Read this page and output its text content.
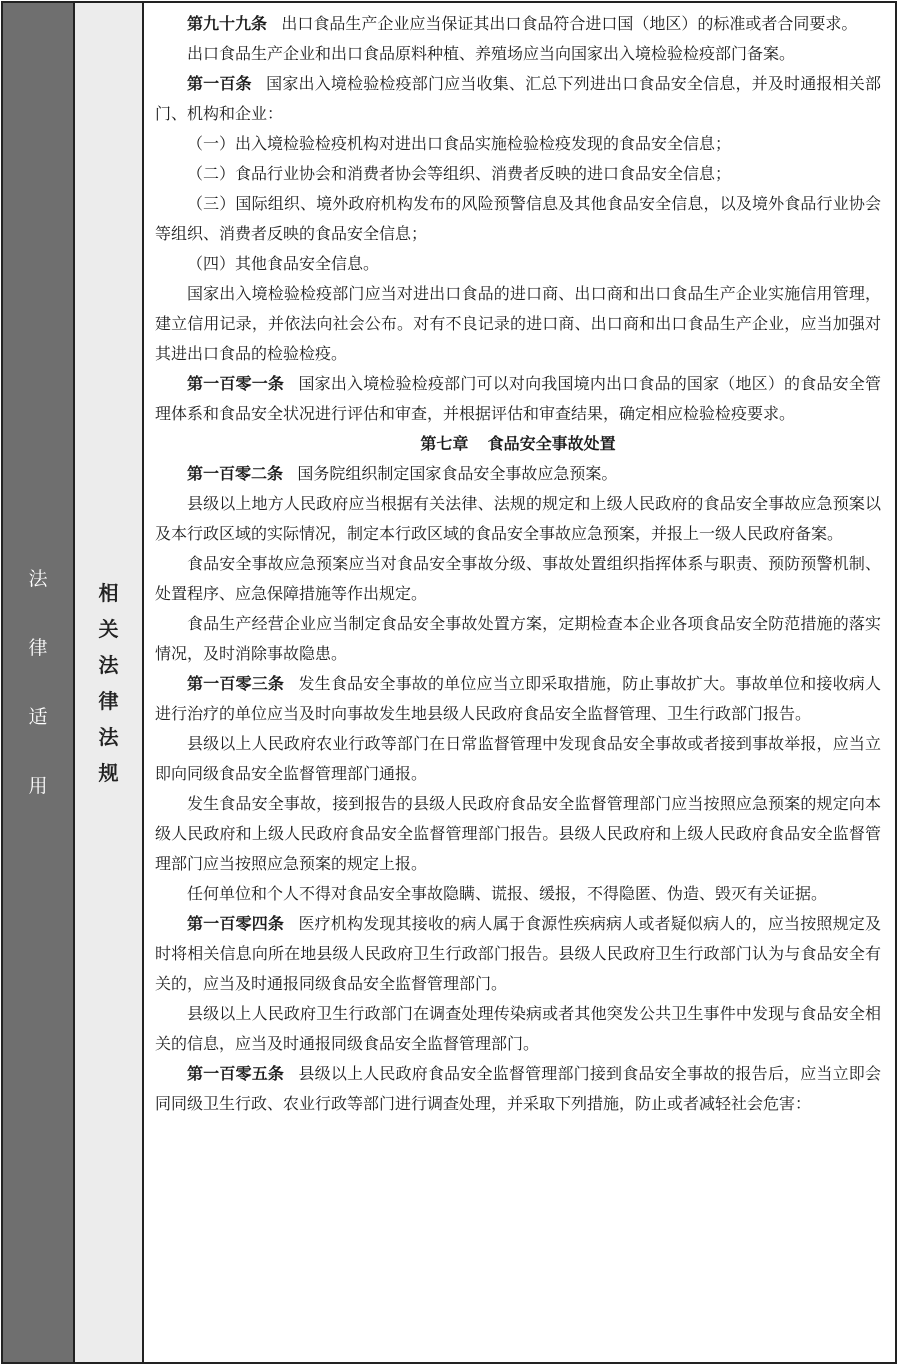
法
律
适
用
相
关
法
律
法
规

第九十九条 出口食品生产企业应当保证其出口食品符合进口国（地区）的标准或者合同要求。

出口食品生产企业和出口食品原料种植、养殖场应当向国家出入境检验检疫部门备案。

第一百条 国家出入境检验检疫部门应当收集、汇总下列进出口食品安全信息，并及时通报相关部门、机构和企业：

（一）出入境检验检疫机构对进出口食品实施检验检疫发现的食品安全信息；

（二）食品行业协会和消费者协会等组织、消费者反映的进口食品安全信息；

（三）国际组织、境外政府机构发布的风险预警信息及其他食品安全信息，以及境外食品行业协会等组织、消费者反映的食品安全信息；

（四）其他食品安全信息。

国家出入境检验检疫部门应当对进出口食品的进口商、出口商和出口食品生产企业实施信用管理，建立信用记录，并依法向社会公布。对有不良记录的进口商、出口商和出口食品生产企业，应当加强对其进出口食品的检验检疫。

第一百零一条 国家出入境检验检疫部门可以对向我国境内出口食品的国家（地区）的食品安全管理体系和食品安全状况进行评估和审查，并根据评估和审查结果，确定相应检验检疫要求。

第七章 食品安全事故处置

第一百零二条 国务院组织制定国家食品安全事故应急预案。

县级以上地方人民政府应当根据有关法律、法规的规定和上级人民政府的食品安全事故应急预案以及本行政区域的实际情况，制定本行政区域的食品安全事故应急预案，并报上一级人民政府备案。

食品安全事故应急预案应当对食品安全事故分级、事故处置组织指挥体系与职责、预防预警机制、处置程序、应急保障措施等作出规定。

食品生产经营企业应当制定食品安全事故处置方案，定期检查本企业各项食品安全防范措施的落实情况，及时消除事故隐患。

第一百零三条 发生食品安全事故的单位应当立即采取措施，防止事故扩大。事故单位和接收病人进行治疗的单位应当及时向事故发生地县级人民政府食品安全监督管理、卫生行政部门报告。

县级以上人民政府农业行政等部门在日常监督管理中发现食品安全事故或者接到事故举报，应当立即向同级食品安全监督管理部门通报。

发生食品安全事故，接到报告的县级人民政府食品安全监督管理部门应当按照应急预案的规定向本级人民政府和上级人民政府食品安全监督管理部门报告。县级人民政府和上级人民政府食品安全监督管理部门应当按照应急预案的规定上报。

任何单位和个人不得对食品安全事故隐瞒、谎报、缓报，不得隐匿、伪造、毁灭有关证据。

第一百零四条 医疗机构发现其接收的病人属于食源性疾病病人或者疑似病人的，应当按照规定及时将相关信息向所在地县级人民政府卫生行政部门报告。县级人民政府卫生行政部门认为与食品安全有关的，应当及时通报同级食品安全监督管理部门。

县级以上人民政府卫生行政部门在调查处理传染病或者其他突发公共卫生事件中发现与食品安全相关的信息，应当及时通报同级食品安全监督管理部门。

第一百零五条 县级以上人民政府食品安全监督管理部门接到食品安全事故的报告后，应当立即会同同级卫生行政、农业行政等部门进行调查处理，并采取下列措施，防止或者减轻社会危害：
